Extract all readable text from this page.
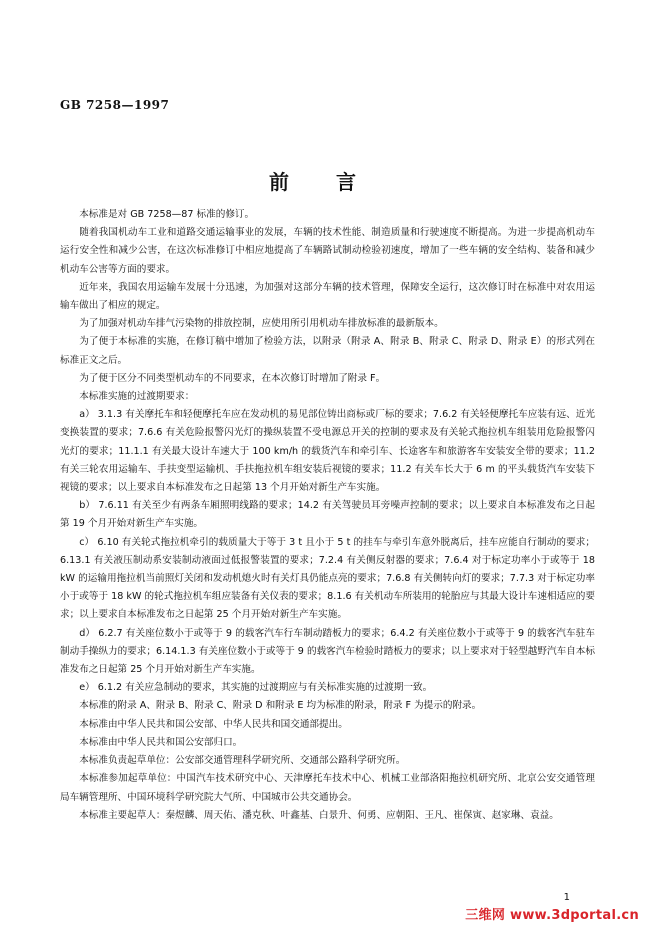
GB 7258—1997
前 言

本标准是对 GB 7258—87 标准的修订。

随着我国机动车工业和道路交通运输事业的发展，车辆的技术性能、制造质量和行驶速度不断提高。为进一步提高机动车运行安全性和减少公害，在这次标准修订中相应地提高了车辆路试制动检验初速度，增加了一些车辆的安全结构、装备和减少机动车公害等方面的要求。

近年来，我国农用运输车发展十分迅速，为加强对这部分车辆的技术管理，保障安全运行，这次修订时在标准中对农用运输车做出了相应的规定。

为了加强对机动车排气污染物的排放控制，应使用所引用机动车排放标准的最新版本。

为了便于本标准的实施，在修订稿中增加了检验方法，以附录（附录 A、附录 B、附录 C、附录 D、附录 E）的形式列在标准正文之后。

为了便于区分不同类型机动车的不同要求，在本次修订时增加了附录 F。

本标准实施的过渡期要求：

a） 3.1.3 有关摩托车和轻便摩托车应在发动机的易见部位铸出商标或厂标的要求；7.6.2 有关轻便摩托车应装有远、近光变换装置的要求；7.6.6 有关危险报警闪光灯的操纵装置不受电源总开关的控制的要求及有关轮式拖拉机车组装用危险报警闪光灯的要求；11.1.1 有关最大设计车速大于 100 km/h 的载货汽车和牵引车、长途客车和旅游客车安装安全带的要求；11.2 有关三轮农用运输车、手扶变型运输机、手扶拖拉机车组安装后视镜的要求；11.2 有关车长大于 6 m 的平头载货汽车安装下视镜的要求；以上要求自本标准发布之日起第 13 个月开始对新生产车实施。

b） 7.6.11 有关至少有两条车厢照明线路的要求；14.2 有关驾驶员耳旁噪声控制的要求；以上要求自本标准发布之日起第 19 个月开始对新生产车实施。

c） 6.10 有关轮式拖拉机牵引的载质量大于等于 3 t 且小于 5 t 的挂车与牵引车意外脱离后，挂车应能自行制动的要求；6.13.1 有关液压制动系安装制动液面过低报警装置的要求；7.2.4 有关侧反射器的要求；7.6.4 对于标定功率小于或等于 18 kW 的运输用拖拉机当前照灯关闭和发动机熄火时有关灯具仍能点亮的要求；7.6.8 有关侧转向灯的要求；7.7.3 对于标定功率小于或等于 18 kW 的轮式拖拉机车组应装备有关仪表的要求；8.1.6 有关机动车所装用的轮胎应与其最大设计车速相适应的要求；以上要求自本标准发布之日起第 25 个月开始对新生产车实施。

d） 6.2.7 有关座位数小于或等于 9 的载客汽车行车制动踏板力的要求；6.4.2 有关座位数小于或等于 9 的载客汽车驻车制动手操纵力的要求；6.14.1.3 有关座位数小于或等于 9 的载客汽车检验时踏板力的要求；以上要求对于轻型越野汽车自本标准发布之日起第 25 个月开始对新生产车实施。

e） 6.1.2 有关应急制动的要求，其实施的过渡期应与有关标准实施的过渡期一致。

本标准的附录 A、附录 B、附录 C、附录 D 和附录 E 均为标准的附录，附录 F 为提示的附录。

本标准由中华人民共和国公安部、中华人民共和国交通部提出。

本标准由中华人民共和国公安部归口。

本标准负责起草单位：公安部交通管理科学研究所、交通部公路科学研究所。

本标准参加起草单位：中国汽车技术研究中心、天津摩托车技术中心、机械工业部洛阳拖拉机研究所、北京公安交通管理局车辆管理所、中国环境科学研究院大气所、中国城市公共交通协会。

本标准主要起草人：秦煜麟、周天佑、潘克秋、叶鑫基、白景升、何勇、应朝阳、王凡、崔保寅、赵家琳、袁益。

1
三维网 www.3dportal.cn
